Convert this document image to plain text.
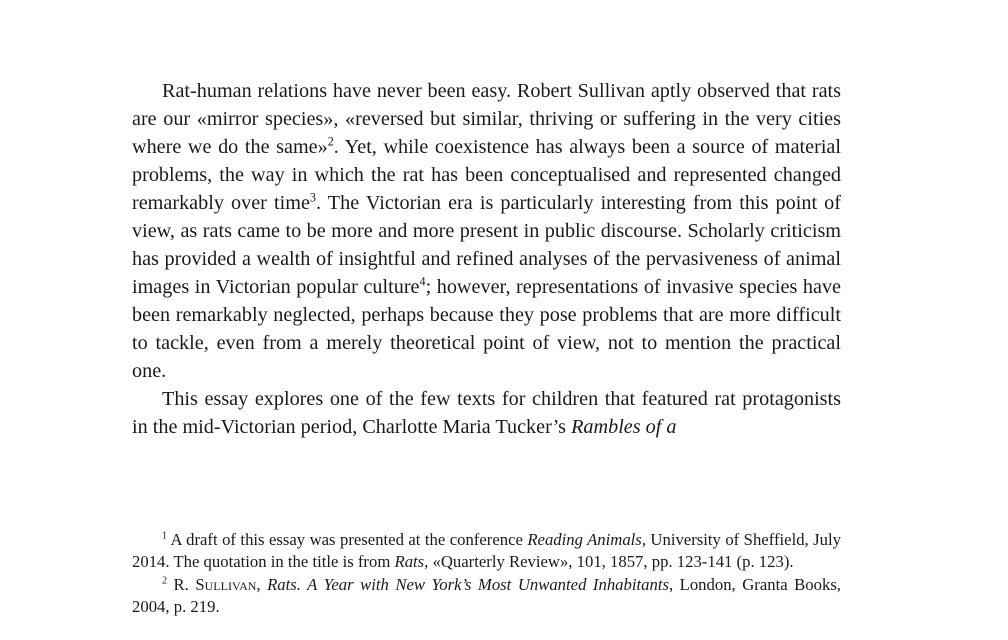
Rat-human relations have never been easy. Robert Sullivan aptly observed that rats are our «mirror species», «reversed but similar, thriving or suffering in the very cities where we do the same»$^2$. Yet, while coexistence has always been a source of material problems, the way in which the rat has been conceptualised and represented changed remarkably over time$^3$. The Victorian era is particularly interesting from this point of view, as rats came to be more and more present in public discourse. Scholarly criticism has provided a wealth of insightful and refined analyses of the pervasiveness of animal images in Victorian popular culture$^4$; however, representations of invasive species have been remarkably neglected, perhaps because they pose problems that are more difficult to tackle, even from a merely theoretical point of view, not to mention the practical one.

This essay explores one of the few texts for children that featured rat protagonists in the mid-Victorian period, Charlotte Maria Tucker’s Rambles of a

$^1$ A draft of this essay was presented at the conference Reading Animals, University of Sheffield, July 2014. The quotation in the title is from Rats, «Quarterly Review», 101, 1857, pp. 123-141 (p. 123).

$^2$ R. Sullivan, Rats. A Year with New York’s Most Unwanted Inhabitants, London, Granta Books, 2004, p. 219.
